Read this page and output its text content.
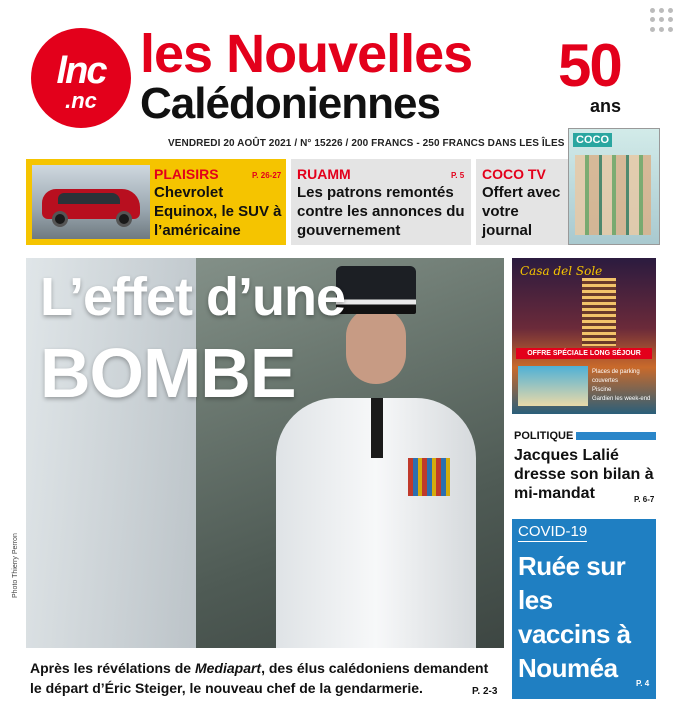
lnc
.nc
les Nouvelles
Calédoniennes
50
ans
VENDREDI 20 AOÛT 2021 / N° 15226 / 200 FRANCS - 250 FRANCS DANS LES ÎLES
PLAISIRS	P. 26-27
Chevrolet Equinox, le SUV à l’américaine
RUAMM	P. 5
Les patrons remontés contre les annonces du gouvernement
COCO TV
Offert avec votre journal
COCO
L’effet d’une
BOMBE
Photo Thierry Perron
Après les révélations de Mediapart, des élus calédoniens demandent le départ d’Éric Steiger, le nouveau chef de la gendarmerie.	P. 2-3
Casa del Sole
OFFRE SPÉCIALE LONG SÉJOUR
Places de parking couvertes
Piscine
Gardien les week-end
POLITIQUE
Jacques Lalié dresse son bilan à mi-mandat	P. 6-7
COVID-19
Ruée sur les vaccins à Nouméa
P. 4
